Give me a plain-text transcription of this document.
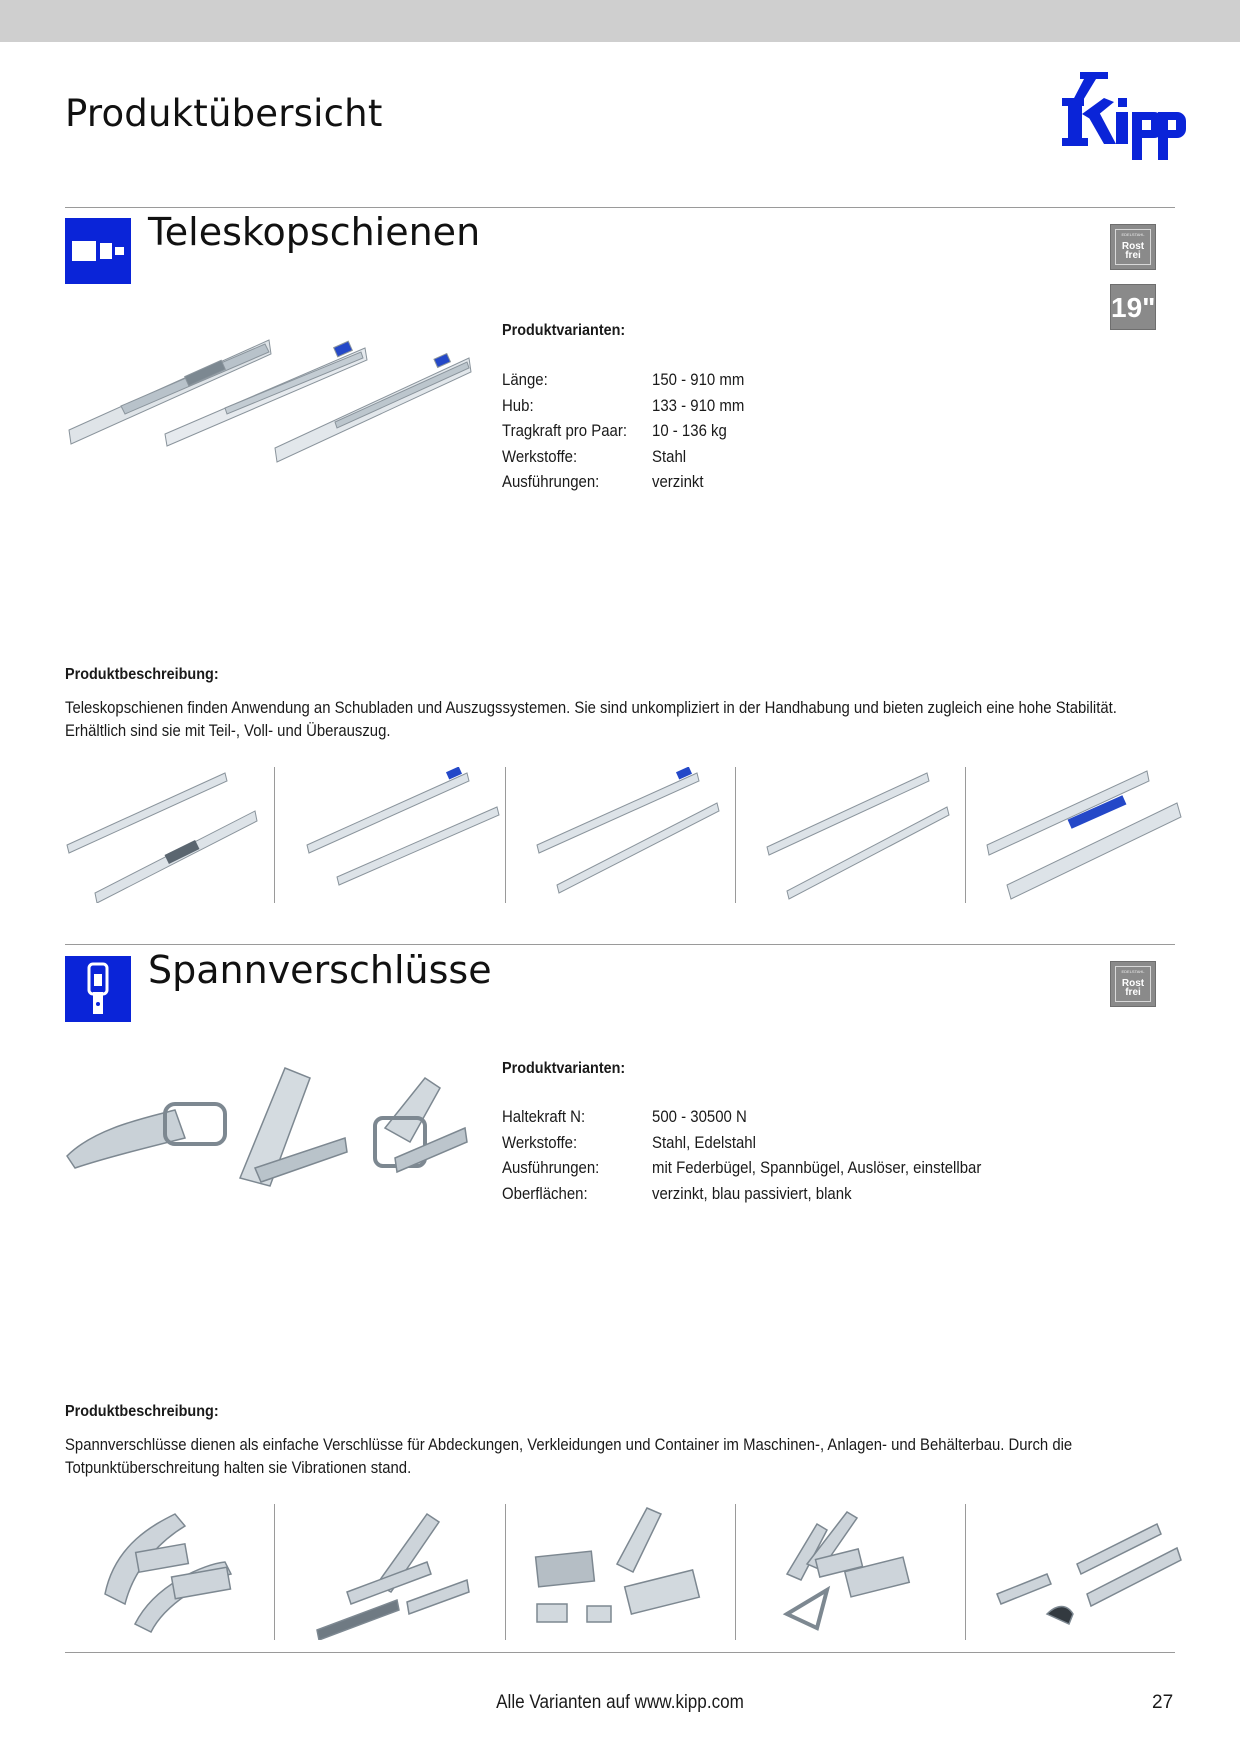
Produktübersicht
Kipp
Teleskopschienen	EDELSTAHL
Rost
frei
19"
Produktvarianten:
Länge:	150 - 910 mm
Hub:	133 - 910 mm
Tragkraft pro Paar: 10 - 136 kg
Werkstoffe:	Stahl
Ausführungen:	verzinkt
Produktbeschreibung:
Teleskopschienen finden Anwendung an Schubladen und Auszugssystemen. Sie sind unkompliziert in der Handhabung und bieten zugleich eine hohe Stabilität.
Erhältlich sind sie mit Teil-, Voll- und Überauszug.
Spannverschlüsse	EDELSTAHL
Rost
frei
Produktvarianten:
Haltekraft N:	500 - 30500 N
Werkstoffe:	Stahl, Edelstahl
Ausführungen:	mit Federbügel, Spannbügel, Auslöser, einstellbar
Oberflächen:	verzinkt, blau passiviert, blank
Produktbeschreibung:
Spannverschlüsse dienen als einfache Verschlüsse für Abdeckungen, Verkleidungen und Container im Maschinen-, Anlagen- und Behälterbau. Durch die
Totpunktüberschreitung halten sie Vibrationen stand.
Alle Varianten auf www.kipp.com	27
